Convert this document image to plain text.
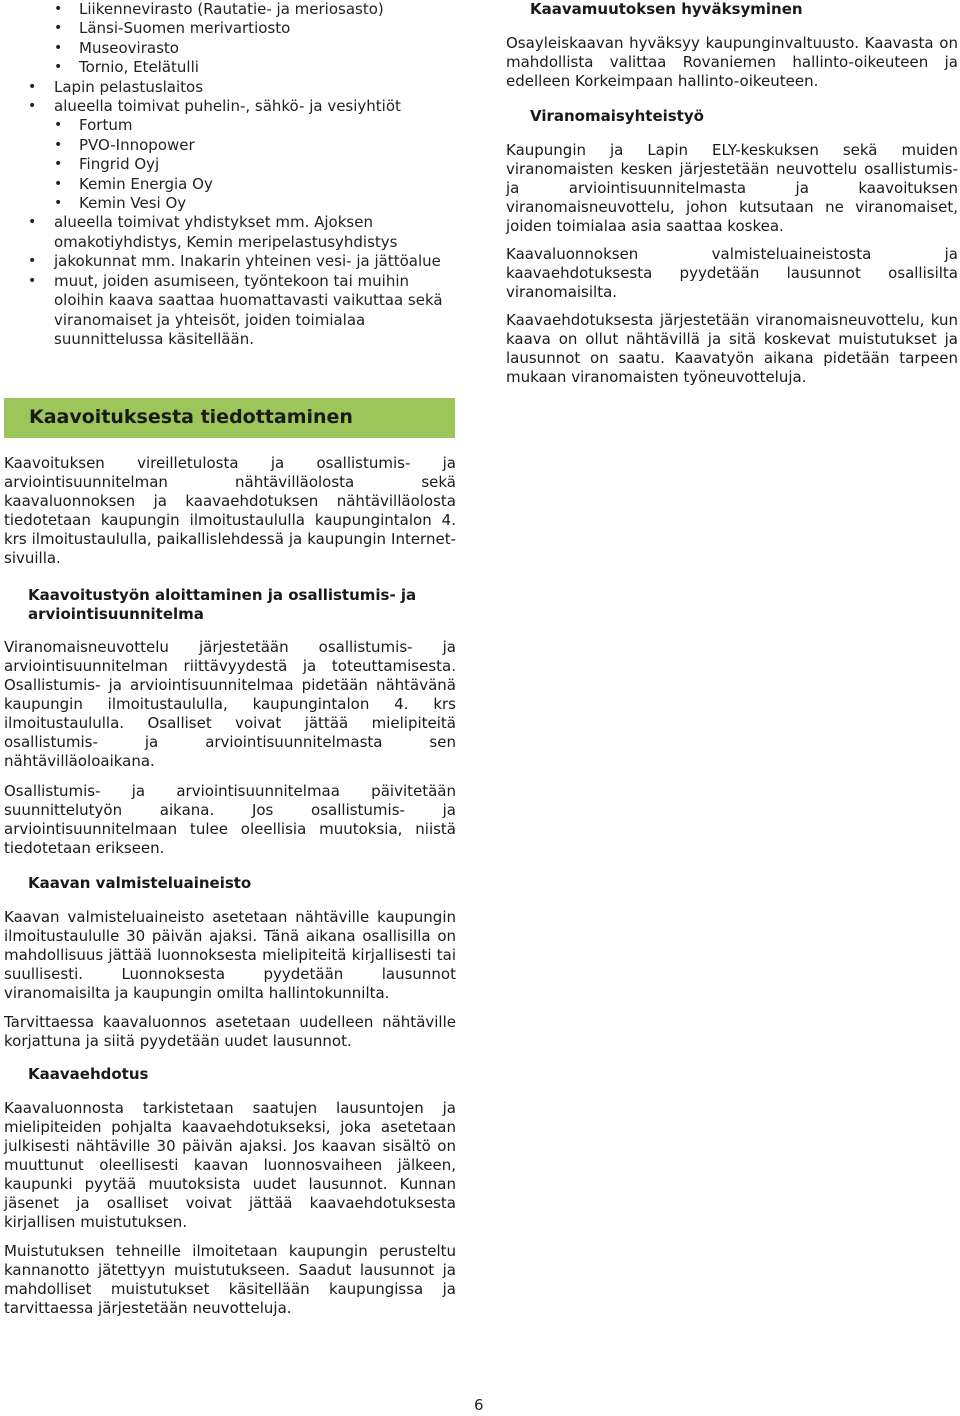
• Liikennevirasto (Rautatie- ja meriosasto)
• Länsi-Suomen merivartiosto
• Museovirasto
• Tornio, Etelätulli
• Lapin pelastuslaitos
• alueella toimivat puhelin-, sähkö- ja vesiyhtiöt
• Fortum
• PVO-Innopower
• Fingrid Oyj
• Kemin Energia Oy
• Kemin Vesi Oy
• alueella toimivat yhdistykset mm. Ajoksen omakotiyhdistys, Kemin meripelastusyhdistys
• jakokunnat mm. Inakarin yhteinen vesi- ja jättöalue
• muut, joiden asumiseen, työntekoon tai muihin oloihin kaava saattaa huomattavasti vaikuttaa sekä viranomaiset ja yhteisöt, joiden toimialaa suunnittelussa käsitellään.

Kaavamuutoksen hyväksyminen

Osayleiskaavan hyväksyy kaupunginvaltuusto. Kaavasta on mahdollista valittaa Rovaniemen hallinto-oikeuteen ja edelleen Korkeimpaan hallinto-oikeuteen.

Viranomaisyhteistyö

Kaupungin ja Lapin ELY-keskuksen sekä muiden viranomaisten kesken järjestetään neuvottelu osallistumis- ja arviointisuunnitelmasta ja kaavoituksen viranomaisneuvottelu, johon kutsutaan ne viranomaiset, joiden toimialaa asia saattaa koskea.

Kaavaluonnoksen valmisteluaineistosta ja kaavaehdotuksesta pyydetään lausunnot osallisilta viranomaisilta.

Kaavaehdotuksesta järjestetään viranomaisneuvottelu, kun kaava on ollut nähtävillä ja sitä koskevat muistutukset ja lausunnot on saatu. Kaavatyön aikana pidetään tarpeen mukaan viranomaisten työneuvotteluja.

Kaavoituksesta tiedottaminen

Kaavoituksen vireilletulosta ja osallistumis- ja arviointisuunnitelman nähtävilläolosta sekä kaavaluonnoksen ja kaavaehdotuksen nähtävilläolosta tiedotetaan kaupungin ilmoitustaululla kaupungintalon 4. krs ilmoitustaululla, paikallislehdessä ja kaupungin Internet-sivuilla.

Kaavoitustyön aloittaminen ja osallistumis- ja arviointisuunnitelma

Viranomaisneuvottelu järjestetään osallistumis- ja arviointisuunnitelman riittävyydestä ja toteuttamisesta. Osallistumis- ja arviointisuunnitelmaa pidetään nähtävänä kaupungin ilmoitustaululla, kaupungintalon 4. krs ilmoitustaululla. Osalliset voivat jättää mielipiteitä osallistumis- ja arviointisuunnitelmasta sen nähtävilläoloaikana.

Osallistumis- ja arviointisuunnitelmaa päivitetään suunnittelutyön aikana. Jos osallistumis- ja arviointisuunnitelmaan tulee oleellisia muutoksia, niistä tiedotetaan erikseen.

Kaavan valmisteluaineisto

Kaavan valmisteluaineisto asetetaan nähtäville kaupungin ilmoitustaululle 30 päivän ajaksi. Tänä aikana osallisilla on mahdollisuus jättää luonnoksesta mielipiteitä kirjallisesti tai suullisesti. Luonnoksesta pyydetään lausunnot viranomaisilta ja kaupungin omilta hallintokunnilta.

Tarvittaessa kaavaluonnos asetetaan uudelleen nähtäville korjattuna ja siitä pyydetään uudet lausunnot.

Kaavaehdotus

Kaavaluonnosta tarkistetaan saatujen lausuntojen ja mielipiteiden pohjalta kaavaehdotukseksi, joka asetetaan julkisesti nähtäville 30 päivän ajaksi. Jos kaavan sisältö on muuttunut oleellisesti kaavan luonnosvaiheen jälkeen, kaupunki pyytää muutoksista uudet lausunnot. Kunnan jäsenet ja osalliset voivat jättää kaavaehdotuksesta kirjallisen muistutuksen.

Muistutuksen tehneille ilmoitetaan kaupungin perusteltu kannanotto jätettyyn muistutukseen. Saadut lausunnot ja mahdolliset muistutukset käsitellään kaupungissa ja tarvittaessa järjestetään neuvotteluja.

6
